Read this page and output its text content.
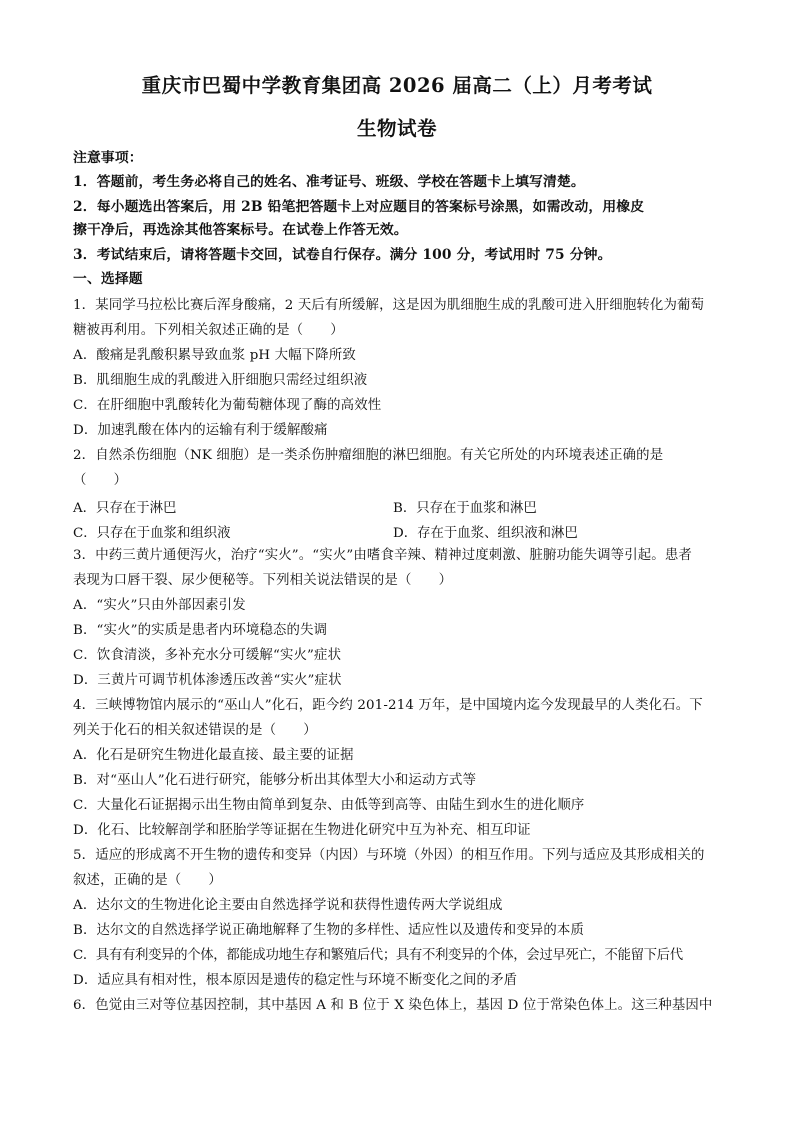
重庆市巴蜀中学教育集团高 2026 届高二（上）月考考试
生物试卷
注意事项：
1．答题前，考生务必将自己的姓名、准考证号、班级、学校在答题卡上填写清楚。
2．每小题选出答案后，用 2B 铅笔把答题卡上对应题目的答案标号涂黑，如需改动，用橡皮
擦干净后，再选涂其他答案标号。在试卷上作答无效。
3．考试结束后，请将答题卡交回，试卷自行保存。满分 100 分，考试用时 75 分钟。
一、选择题
1．某同学马拉松比赛后浑身酸痛，2 天后有所缓解，这是因为肌细胞生成的乳酸可进入肝细胞转化为葡萄
糖被再利用。下列相关叙述正确的是（　　）
A．酸痛是乳酸积累导致血浆 pH 大幅下降所致
B．肌细胞生成的乳酸进入肝细胞只需经过组织液
C．在肝细胞中乳酸转化为葡萄糖体现了酶的高效性
D．加速乳酸在体内的运输有利于缓解酸痛
2．自然杀伤细胞（NK 细胞）是一类杀伤肿瘤细胞的淋巴细胞。有关它所处的内环境表述正确的是
（　　）
A．只存在于淋巴	B．只存在于血浆和淋巴
C．只存在于血浆和组织液	D．存在于血浆、组织液和淋巴
3．中药三黄片通便泻火，治疗“实火”。“实火”由嗜食辛辣、精神过度刺激、脏腑功能失调等引起。患者
表现为口唇干裂、尿少便秘等。下列相关说法错误的是（　　）
A．“实火”只由外部因素引发
B．“实火”的实质是患者内环境稳态的失调
C．饮食清淡，多补充水分可缓解“实火”症状
D．三黄片可调节机体渗透压改善“实火”症状
4．三峡博物馆内展示的“巫山人”化石，距今约 201-214 万年，是中国境内迄今发现最早的人类化石。下
列关于化石的相关叙述错误的是（　　）
A．化石是研究生物进化最直接、最主要的证据
B．对“巫山人”化石进行研究，能够分析出其体型大小和运动方式等
C．大量化石证据揭示出生物由简单到复杂、由低等到高等、由陆生到水生的进化顺序
D．化石、比较解剖学和胚胎学等证据在生物进化研究中互为补充、相互印证
5．适应的形成离不开生物的遗传和变异（内因）与环境（外因）的相互作用。下列与适应及其形成相关的
叙述，正确的是（　　）
A．达尔文的生物进化论主要由自然选择学说和获得性遗传两大学说组成
B．达尔文的自然选择学说正确地解释了生物的多样性、适应性以及遗传和变异的本质
C．具有有利变异的个体，都能成功地生存和繁殖后代；具有不利变异的个体，会过早死亡，不能留下后代
D．适应具有相对性，根本原因是遗传的稳定性与环境不断变化之间的矛盾
6．色觉由三对等位基因控制，其中基因 A 和 B 位于 X 染色体上，基因 D 位于常染色体上。这三种基因中
